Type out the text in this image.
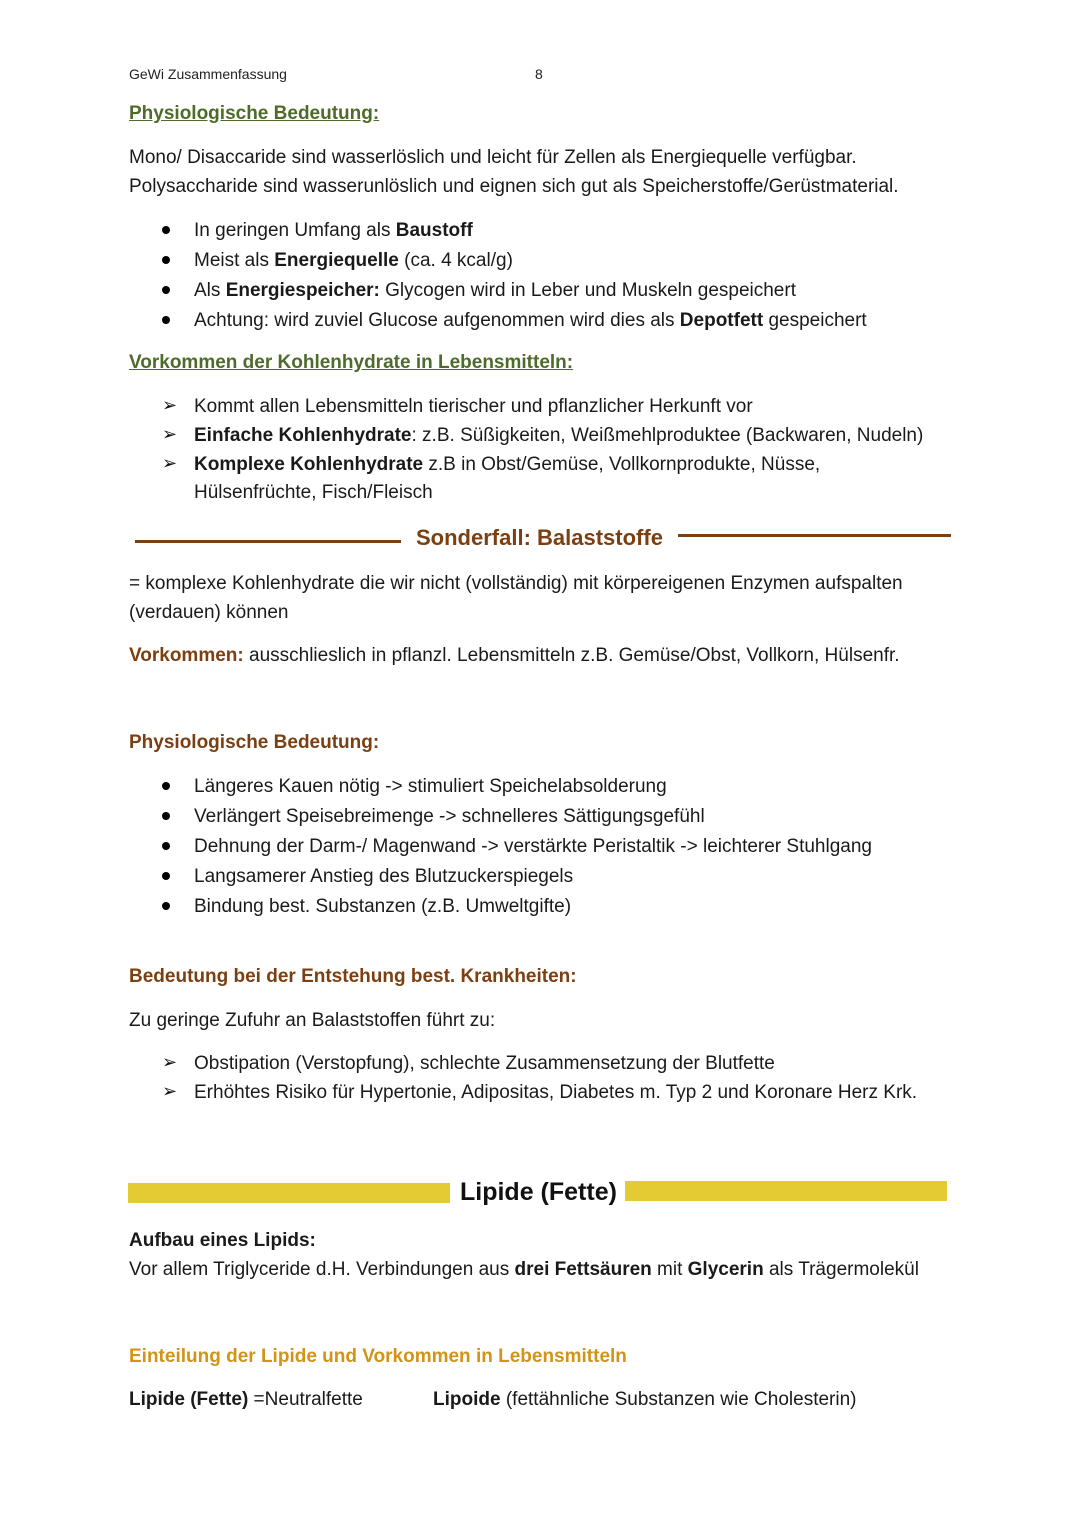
GeWi Zusammenfassung	8
Physiologische Bedeutung:
Mono/ Disaccaride sind wasserlöslich und leicht für Zellen als Energiequelle verfügbar.
Polysaccharide sind wasserunlöslich und eignen sich gut als Speicherstoffe/Gerüstmaterial.
In geringen Umfang als Baustoff
Meist als Energiequelle (ca. 4 kcal/g)
Als Energiespeicher: Glycogen wird in Leber und Muskeln gespeichert
Achtung: wird zuviel Glucose aufgenommen wird dies als Depotfett gespeichert
Vorkommen der Kohlenhydrate in Lebensmitteln:
➢ Kommt allen Lebensmitteln tierischer und pflanzlicher Herkunft vor
➢ Einfache Kohlenhydrate: z.B. Süßigkeiten, Weißmehlprodukte​e (Backwaren, Nudeln)
➢ Komplexe Kohlenhydrate z.B in Obst/Gemüse, Vollkornprodukte, Nüsse,
Hülsenfrüchte, Fisch/Fleisch
Sonderfall: Balaststoffe
= komplexe Kohlenhydrate die wir nicht (vollständig) mit körpereigenen Enzymen aufspalten
(verdauen) können
Vorkommen: ausschlieslich in pflanzl. Lebensmitteln z.B. Gemüse/Obst, Vollkorn, Hülsenfr.
Physiologische Bedeutung:
Längeres Kauen nötig -> stimuliert Speichelabsolderung
Verlängert Speisebreimenge -> schnelleres Sättigungsgefühl
Dehnung der Darm-/ Magenwand -> verstärkte Peristaltik -> leichterer Stuhlgang
Langsamerer Anstieg des Blutzuckerspiegels
Bindung best. Substanzen (z.B. Umweltgifte)
Bedeutung bei der Entstehung best. Krankheiten:
Zu geringe Zufuhr an Balaststoffen führt zu:
➢ Obstipation (Verstopfung), schlechte Zusammensetzung der Blutfette
➢ Erhöhtes Risiko für Hypertonie, Adipositas, Diabetes m. Typ 2 und Koronare Herz Krk.
Lipide (Fette)
Aufbau eines Lipids:
Vor allem Triglyceride d.H. Verbindungen aus drei Fettsäuren mit Glycerin als Trägermolekül
Einteilung der Lipide und Vorkommen in Lebensmitteln
Lipide (Fette) =Neutralfette	Lipoide (fettähnliche Substanzen wie Cholesterin)
